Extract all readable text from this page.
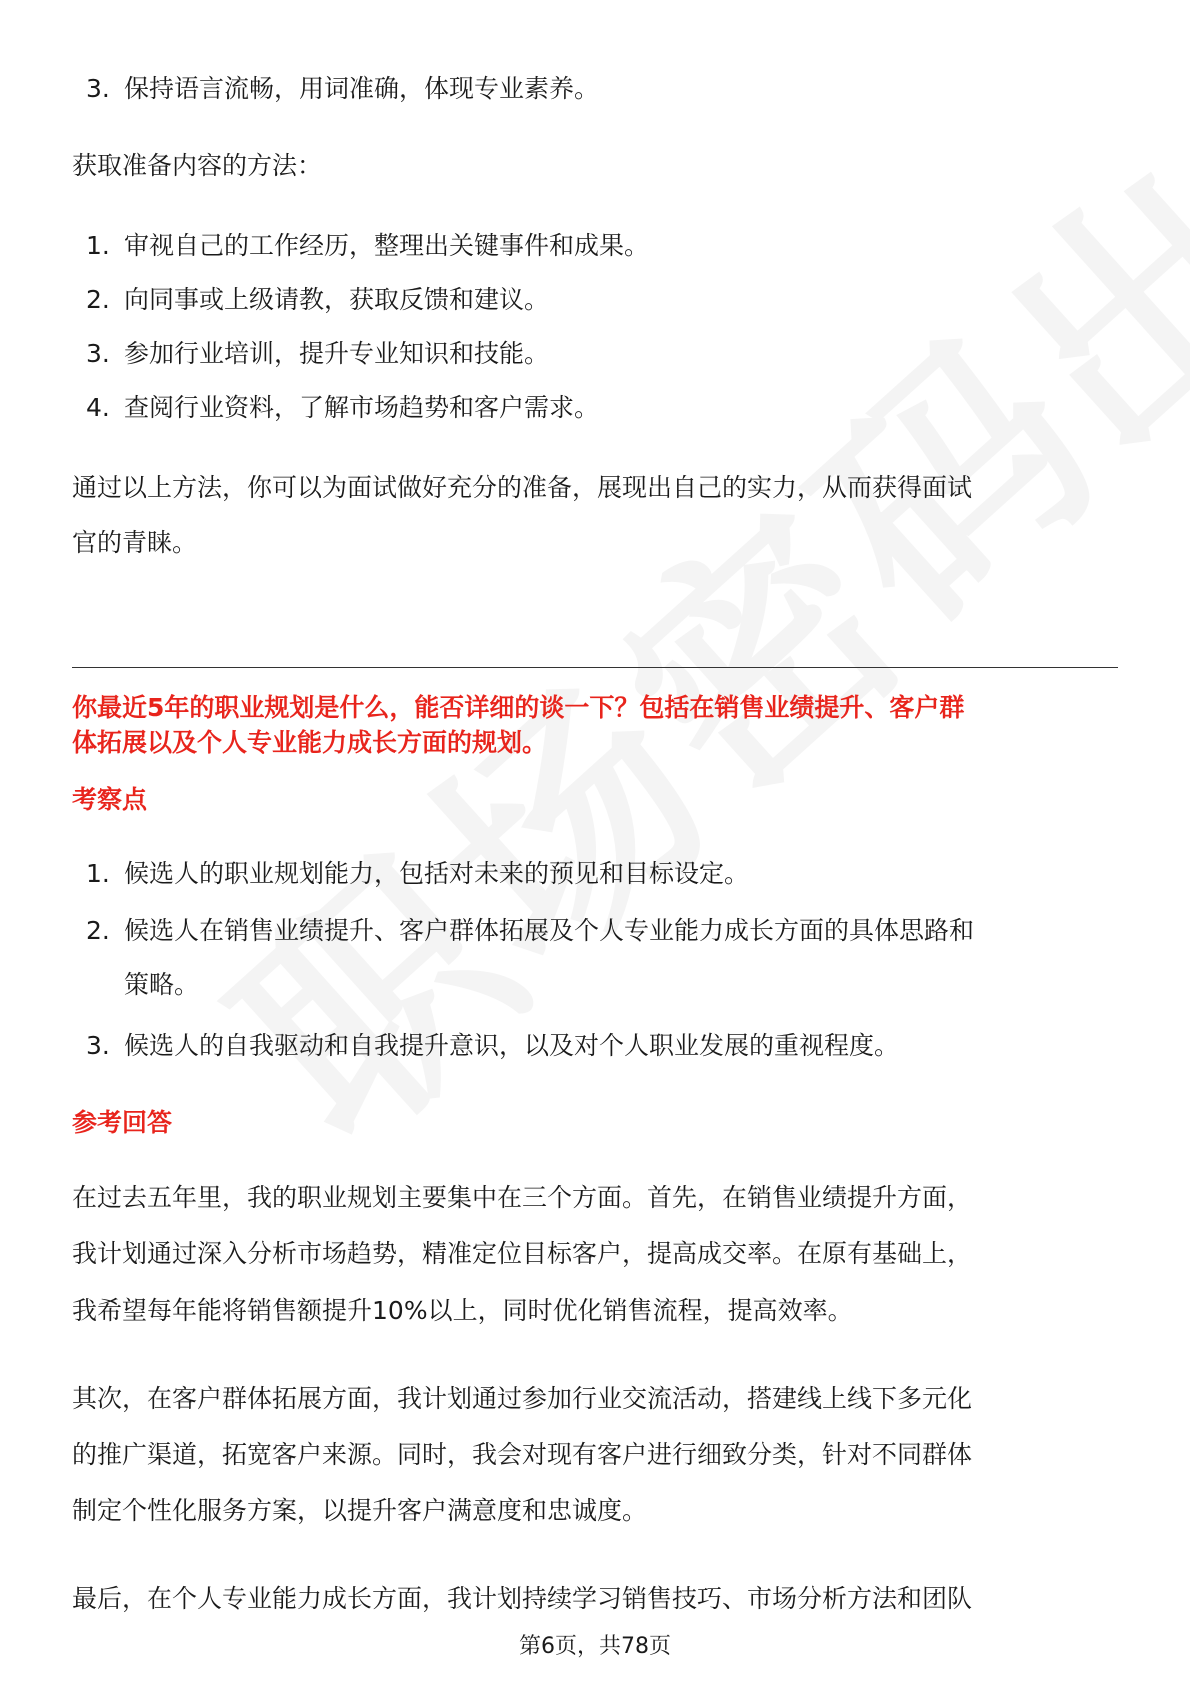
3. 保持语言流畅，用词准确，体现专业素养。

获取准备内容的方法：

1. 审视自己的工作经历，整理出关键事件和成果。
2. 向同事或上级请教，获取反馈和建议。
3. 参加行业培训，提升专业知识和技能。
4. 查阅行业资料，了解市场趋势和客户需求。

通过以上方法，你可以为面试做好充分的准备，展现出自己的实力，从而获得面试

官的青睐。

你最近5年的职业规划是什么，能否详细的谈一下？包括在销售业绩提升、客户群

体拓展以及个人专业能力成长方面的规划。

考察点

1. 候选人的职业规划能力，包括对未来的预见和目标设定。
2. 候选人在销售业绩提升、客户群体拓展及个人专业能力成长方面的具体思路和
策略。
3. 候选人的自我驱动和自我提升意识，以及对个人职业发展的重视程度。

参考回答

在过去五年里，我的职业规划主要集中在三个方面。首先，在销售业绩提升方面，

我计划通过深入分析市场趋势，精准定位目标客户，提高成交率。在原有基础上，

我希望每年能将销售额提升10%以上，同时优化销售流程，提高效率。

其次，在客户群体拓展方面，我计划通过参加行业交流活动，搭建线上线下多元化

的推广渠道，拓宽客户来源。同时，我会对现有客户进行细致分类，针对不同群体

制定个性化服务方案，以提升客户满意度和忠诚度。

最后，在个人专业能力成长方面，我计划持续学习销售技巧、市场分析方法和团队

第6页，共78页
